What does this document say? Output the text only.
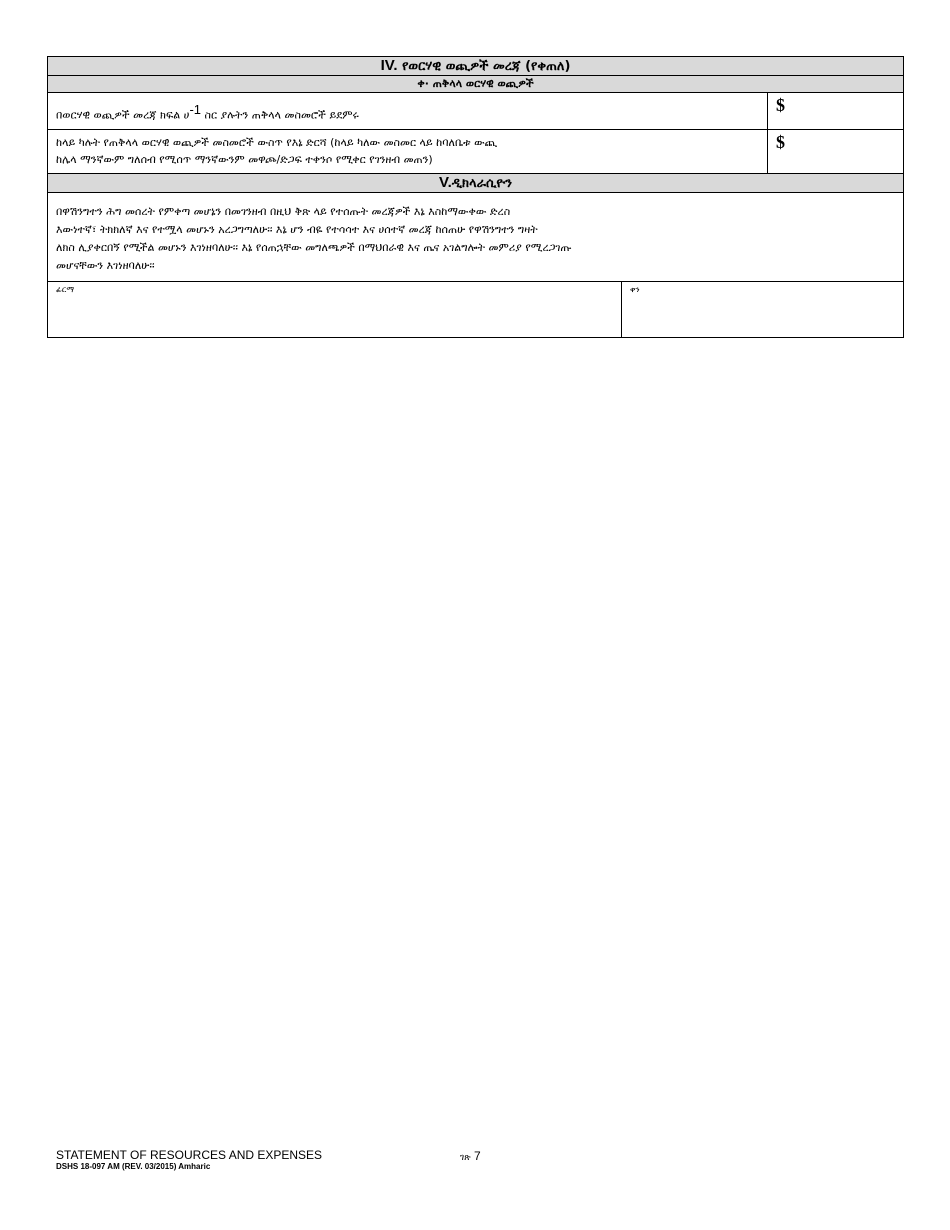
IV. የወርሃዊ ወጪዎች መረጃ (የቀጠለ)		
ቀ· ጠቅላላ ወርሃዊ ወጪዎች		
በወርሃዊ ወጪዎች መረጃ ክፍል ሀ$^{-1}$ ስር ያሉትን ጠቅላላ መስመሮች ይደምሩ		$

ከላይ ካሉት የጠቅላላ ወርሃዊ ወጪዎች መስመሮች ውስጥ የእኔ ድርሻ (ከላይ ካለው መስመር ላይ ከባለቤቱ ውጪ
ከሌላ ማንኛውም ግለሰብ የሚሰጥ ማንኛውንም መዋጮ/ድጋፍ ተቀንሶ የሚቀር የገንዘብ መጠን)		$
V.ዲክላራሲዮን		

በዋሽንግተን ሕግ መሰረት የምቀጣ መሆኔን በመገንዘብ በዚህ ቅጽ ላይ የተሰጡት መረጃዎች እኔ እስከማውቀው ድረስ
እውነተኛ፣ ትክክለኛ እና የተሟላ መሆኑን አረጋግጣለሁ፡፡ እኔ ሆን ብዬ የተሳሳተ እና ሀሰተኛ መረጃ ከሰጠሁ የዋሽንግተን ግዛት
ለክስ ሊያቀርበኝ የሚችል መሆኑን እገነዘባለሁ፡፡ እኔ የሰጠኋቸው መግለጫዎች በማህበራዊ እና ጤና አገልግሎት መምሪያ የሚረጋገጡ
መሆናቸውን እገነዘባለሁ፡፡		

ፊርማ	ቀን	
STATEMENT OF RESOURCES AND EXPENSES
DSHS 18-097 AM (REV. 03/2015) Amharic
ገጽ 7
